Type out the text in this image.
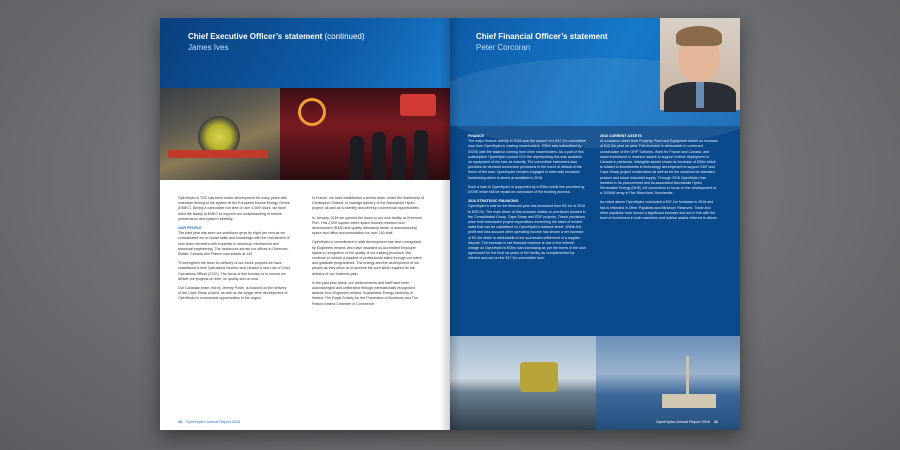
Chief Executive Officer’s statement (continued)
James Ives

OpenHydro’s TOC has been under development for many years with extensive testing of the system at the European Marine Energy Centre (EMEC). During a cumulative run time of over 4,500 hours, we have used the facility at EMEC to improve our understanding of turbine performance and system reliability.

OUR PEOPLE

The past year has seen our workforce grow by eight per cent as we consolidated our in-house skills and knowledge with the recruitment of new team members with expertise in electrical, mechanical and structural engineering. The headcount across our offices in Greenore, Dublin, Canada and France now stands at 142.

To strengthen the team for delivery of our future projects we have established a new Operations function and created a new role of Chief Operations Officer (COO). The focus of this function is to ensure we deliver our projects on time, on quality and on cost.

Our Canadian team, led by Jeremy Poste, is focused on the delivery of the Cape Sharp project, as well as the longer term development of OpenHydro’s commercial opportunities in the region.

In France, we have established a similar team, under the leadership of Christophe Chabert, to manage delivery of the Normandie Hydro project, as well as to identify and develop commercial opportunities.

In January, 2016 we opened the doors to our new facility at Greenore Port. This 2,500 square metre space houses research and development (R&D) and quality laboratory areas, a manufacturing space and office accommodation for over 150 staff.

OpenHydro’s commitment to staff development has been recognised by Engineers Ireland, who have awarded us Accredited Employer status in recognition of the quality of our training provision. We continue to nurture a pipeline of professional talent through our intern and graduate programmes. The energy and the development of our people as they allow us to achieve the core skills required for the delivery of our business plan.

In the past year alone, our achievements and staff have been acknowledged and celebrated through internationally recognised awards from Engineers Ireland, Sustainable Energy Authority of Ireland, The Royal Society for the Prevention of Accidents and The France-Ireland Chamber of Commerce.

10 OpenHydro Annual Report 2016
Chief Financial Officer’s statement
Peter Corcoran

FINANCE

The major finance activity in 2016 was the closure of a €47.2m convertible loan from OpenHydro’s existing shareholders. €35m was subscribed by DCNS with the balance coming from other shareholders. As a part of this subscription OpenHydro issued 11% the representing this was available on repayment of the loan at maturity. The convertible instrument also provides for demand conversion provisions in the event of default of the terms of the loan. OpenHydro remains engaged in externally focussed fundraising which is aimed at available in 2016.

Such a loan in OpenHydro is supported by a €39m credit line provided by DCNS which will be repaid on conclusion of the funding process.

2016 STRATEGIC FINANCING

OpenHydro’s loss for the financial year has increased from €9.1m in 2015 to €25.7m. The main driver of this increase relates to provisions booked in the Consolidated Group. Cape Sharp and EDF projects. These provisions arise from forecasted project expenditure exceeding the value of turbine sales that can be capitalised on OpenHydro’s balance sheet. Within the profit and loss account other operating income has shown a net increase of €3.4m which is attributable to the successful settlement of a supplier dispute. The increase in net financial expense is due to the interest charge on OpenHydro’s €39m loan increasing as per the terms of the loan agreement for the final six years of the facility as complemented by interest accrued on the €47.2m convertible loan.

2016 CURRENT ASSETS

At a balance sheet level Property Plant and Equipment shows an increase of €12.2m year on year. This increase is attributable to continued construction of the OHP Turbines. Work for France and Canada, and asset investment in machine assets to support turbine deployment in Canada in particular. Intangible assets shown an increase of €26m which is related to investments in technology development to support EDF and Cape Sharp project construction as well as for the solutions for standard product and future industrial supply. Through 2016 OpenHydro has invested in its procurement and its associated Normandie Hydro Renewable Energy (NHE) 4/5 consortium to focus on the development of a 100MW array in Raz Blanchard, Normandie.

As noted above OpenHydro concluded a €47.2m fundraise in 2016 and this is reflected in Other Payables and Minimum Reserves. Trade and other payables have shown a significant increase and are in line with the level of investment in both machines and turbine assets referred to above.

OpenHydro Annual Report 2016 11
